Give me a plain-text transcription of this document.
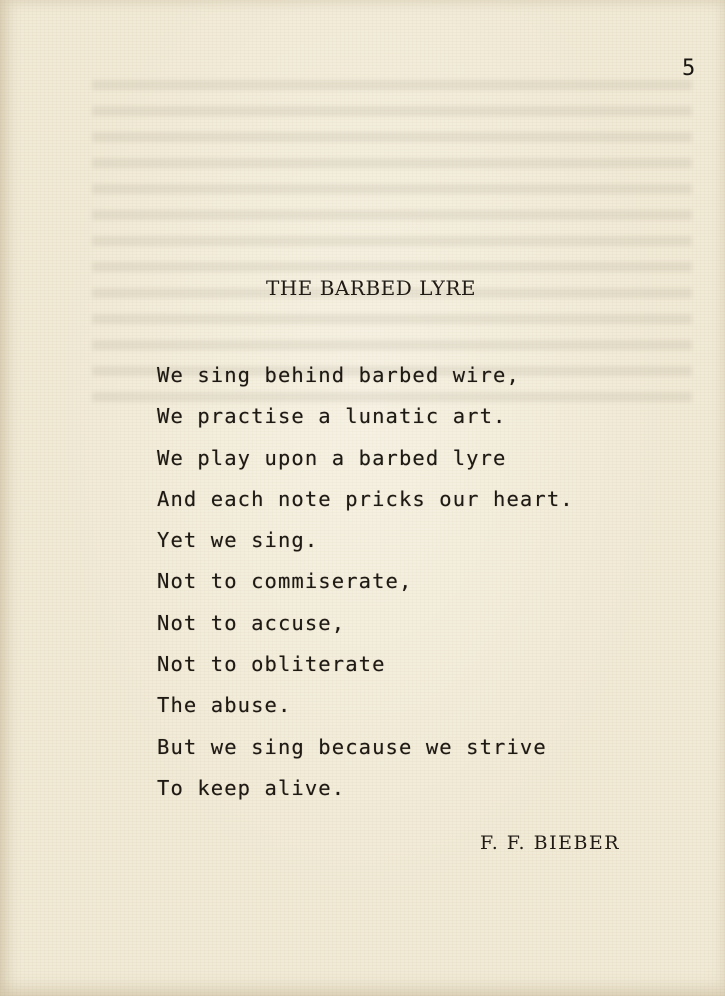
5
THE BARBED LYRE
We sing behind barbed wire,
We practise a lunatic art.
We play upon a barbed lyre
And each note pricks our heart.
Yet we sing.
Not to commiserate,
Not to accuse,
Not to obliterate
The abuse.
But we sing because we strive
To keep alive.
F. F. BIEBER
